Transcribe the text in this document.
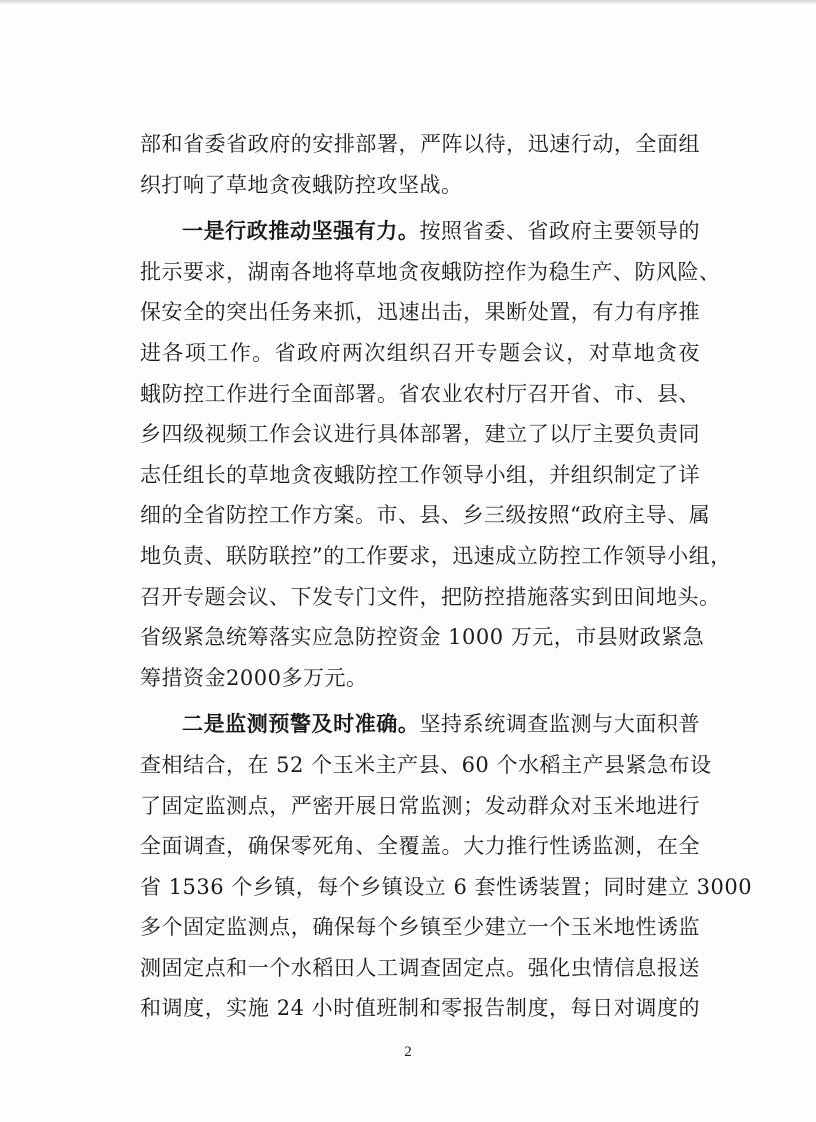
部和省委省政府的安排部署，严阵以待，迅速行动，全面组
织打响了草地贪夜蛾防控攻坚战。
一是行政推动坚强有力。按照省委、省政府主要领导的
批示要求，湖南各地将草地贪夜蛾防控作为稳生产、防风险、
保安全的突出任务来抓，迅速出击，果断处置，有力有序推
进各项工作。省政府两次组织召开专题会议，对草地贪夜
蛾防控工作进行全面部署。省农业农村厅召开省、市、县、
乡四级视频工作会议进行具体部署，建立了以厅主要负责同
志任组长的草地贪夜蛾防控工作领导小组，并组织制定了详
细的全省防控工作方案。市、县、乡三级按照“政府主导、属
地负责、联防联控”的工作要求，迅速成立防控工作领导小组，
召开专题会议、下发专门文件，把防控措施落实到田间地头。
省级紧急统筹落实应急防控资金 1000 万元，市县财政紧急
筹措资金2000多万元。
二是监测预警及时准确。坚持系统调查监测与大面积普
查相结合，在 52 个玉米主产县、60 个水稻主产县紧急布设
了固定监测点，严密开展日常监测；发动群众对玉米地进行
全面调查，确保零死角、全覆盖。大力推行性诱监测，在全
省 1536 个乡镇，每个乡镇设立 6 套性诱装置；同时建立 3000
多个固定监测点，确保每个乡镇至少建立一个玉米地性诱监
测固定点和一个水稻田人工调查固定点。强化虫情信息报送
和调度，实施 24 小时值班制和零报告制度，每日对调度的
2
